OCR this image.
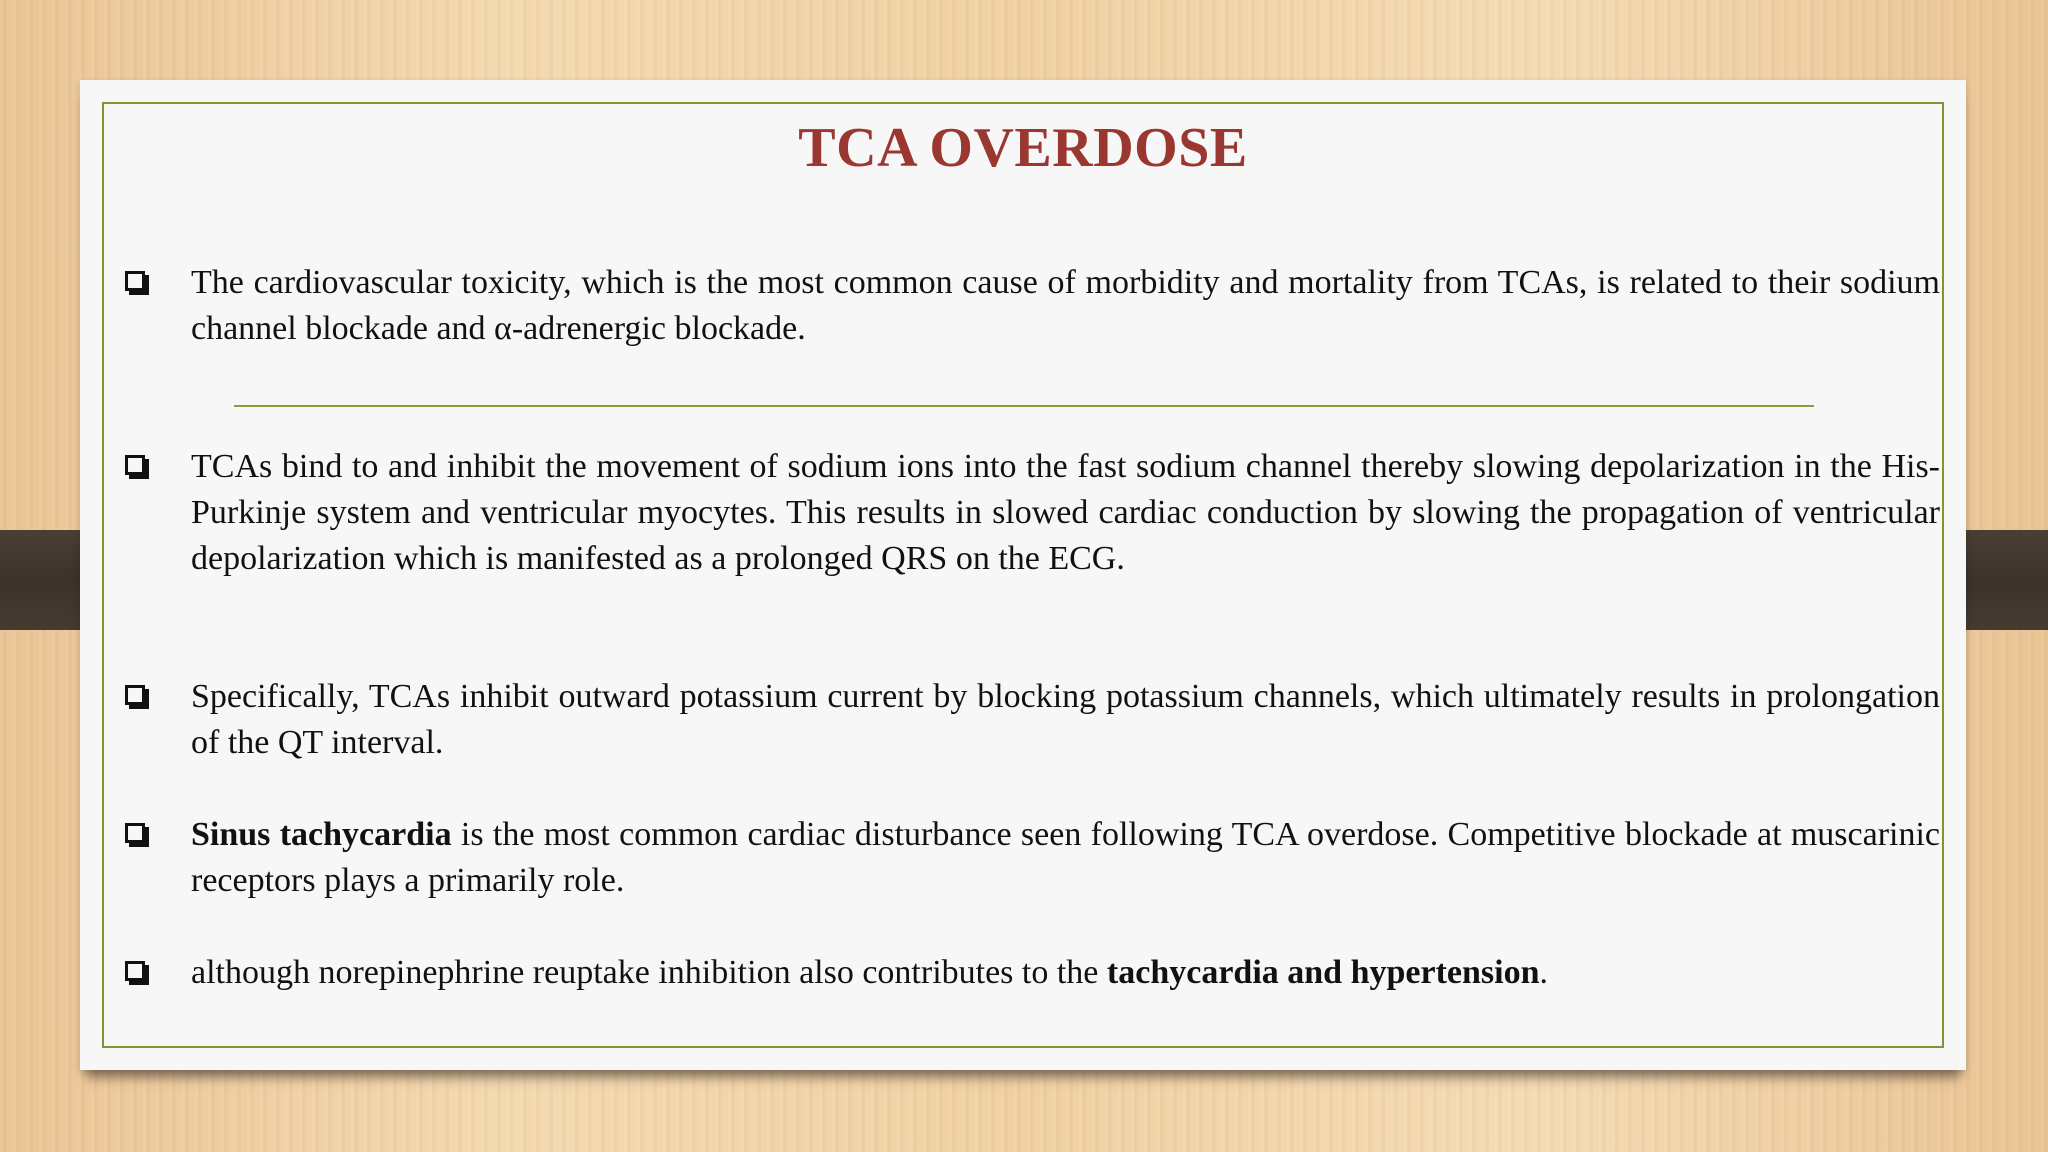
TCA OVERDOSE
The cardiovascular toxicity, which is the most common cause of morbidity and mortality from TCAs, is related to their sodium channel blockade and α-adrenergic blockade.
TCAs bind to and inhibit the movement of sodium ions into the fast sodium channel thereby slowing depolarization in the His-Purkinje system and ventricular myocytes. This results in slowed cardiac conduction by slowing the propagation of ventricular depolarization which is manifested as a prolonged QRS on the ECG.
Specifically, TCAs inhibit outward potassium current by blocking potassium channels, which ultimately results in prolongation of the QT interval.
Sinus tachycardia is the most common cardiac disturbance seen following TCA overdose. Competitive blockade at muscarinic receptors plays a primarily role.
although norepinephrine reuptake inhibition also contributes to the tachycardia and hypertension.
